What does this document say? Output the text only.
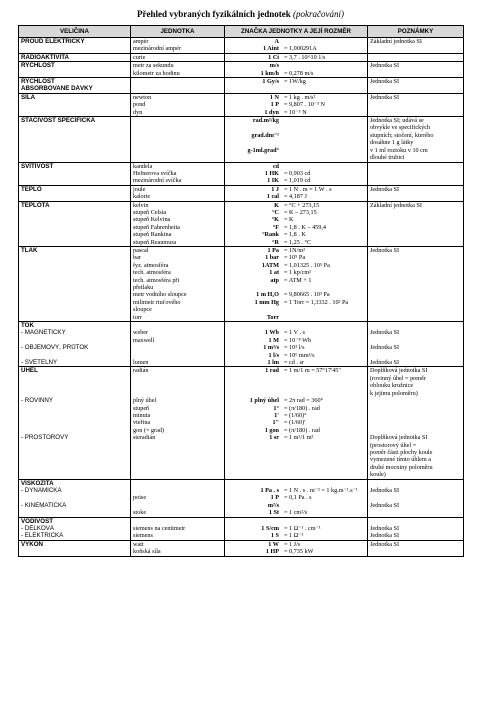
Přehled vybraných fyzikálních jednotek (pokračování)
VELIČINA	JEDNOTKA	ZNAČKA JEDNOTKY A JEJÍ ROZMĚR	POZNÁMKY
PROUD ELEKTRICKÝ	ampér	A	Základní jednotka SI
	mezinárodní ampér	1 Aint = 1,000291A	
RADIOAKTIVITA	curie	1 Ci = 3,7 . 10^10 1/s	
RYCHLOST	metr za sekundu	m/s	Jednotka SI
	kilometr za hodinu	1 km/h = 0,278 m/s	
RYCHLOST		1 Gy/s = 1W/kg	Jednotka SI
ABSORBOVANÉ DÁVKY			
SÍLA	newton	1 N = 1 kg . m/s²	Jednotka SI
	pond	1 P = 9,807 . 10⁻³ N	
	dyn	1 dyn = 10⁻⁵ N	
STAČIVOST SPECIFICKÁ		rad.m²/kg	Jednotka SI; udává se
			obvykle ve specifických
		grad.dm⁻¹	stupních; stočení, kterého
			dosáhne 1 g látky
		g-1ml.grad°	v 1 ml roztoku v 10 cm
			dlouhé trubici
SVÍTIVOST	kandela	cd	
	Hefnerova svíčka	1 HK = 0,903 cd	
	mezinárodní svíčka	1 IK = 1,019 cd	
TEPLO	joule	1 J = 1 N . m = 1 W . s	Jednotka SI
	kalorie	1 cal = 4,187 J	
TEPLOTA	kelvin	K = °C + 273,15	Základní jednotka SI
	stupeň Celsia	°C = K – 273,15	
	stupeň Kelvina	°K = K	
	stupeň Fahrenheita	°F = 1,8 . K – 459,4	
	stupeň Rankina	°Rank = 1,8 . K	
	stupeň Reaumura	°R = 1,25 . °C	
TLAK	pascal	1 Pa = 1N/m²	Jednotka SI
	bar	1 bar = 10⁵ Pa	
	fyz. atmosféra	1ATM = 1,01325 . 10⁵ Pa	
	tech. atmosféra	1 at = 1 kp/cm²	
	tech. atmosféra při	atp = ATM + 1	
	přetlaku		
	metr vodního sloupce	1 m H₂O = 9,80665 . 10³ Pa	
	milimetr rtuťového	1 mm Hg = 1 Torr = 1,3332 . 10² Pa	
	sloupce		
	torr	Torr	
TOK			
- MAGNETICKÝ	weber	1 Wb = 1 V . s	Jednotka SI
	maxwell	1 M = 10⁻⁸ Wb	
- OBJEMOVÝ, PRŮTOK		1 m³/s = 10³ l/s	Jednotka SI
		1 l/s = 10⁶ mm³/s	
- SVĚTELNÝ	lumen	1 lm = cd . sr	Jednotka SI
ÚHEL	radián	1 rad = 1 m/1 m = 57°17'45"	Doplňková jednotka SI
			(rovinný úhel = poměr
			oblouku kružnice
			k jejímu poloměru)
- ROVINNÝ	plný úhel	1 plný úhel = 2π rad = 360°	
	stupeň	1° = (π/180) . rad	
	minuta	1' = (1/60)°	
	vteřina	1" = (1/60)'	
	gon (= grad)	1 gon = (π/180) . rad	
- PROSTOROVÝ	steradián	1 sr = 1 m²/1 m²	Doplňková jednotka SI
			(prostorový úhel =
			poměr části plochy koule
			vymezené tímto úhlem a
			druhé mocniny poloměru
			koule)
VISKOZITA			
- DYNAMICKÁ		1 Pa . s = 1 N . s . m⁻² = 1 kg.m⁻¹.s⁻¹	Jednotka SI
	poise	1 P = 0,1 Pa . s	
- KINEMATICKÁ		m²/s	Jednotka SI
	stoke	1 St = 1 cm²/s	
VODIVOST			
- DĚLKOVÁ	siemens na centimetr	1 S/cm = 1 Ω⁻¹ . cm⁻¹	Jednotka SI
- ELEKTRICKÁ	siemens	1 S = 1 Ω⁻¹	Jednotka SI
VÝKON	watt	1 W = 1 J/s	Jednotka SI
	koňská síla	1 HP = 0,735 kW	
